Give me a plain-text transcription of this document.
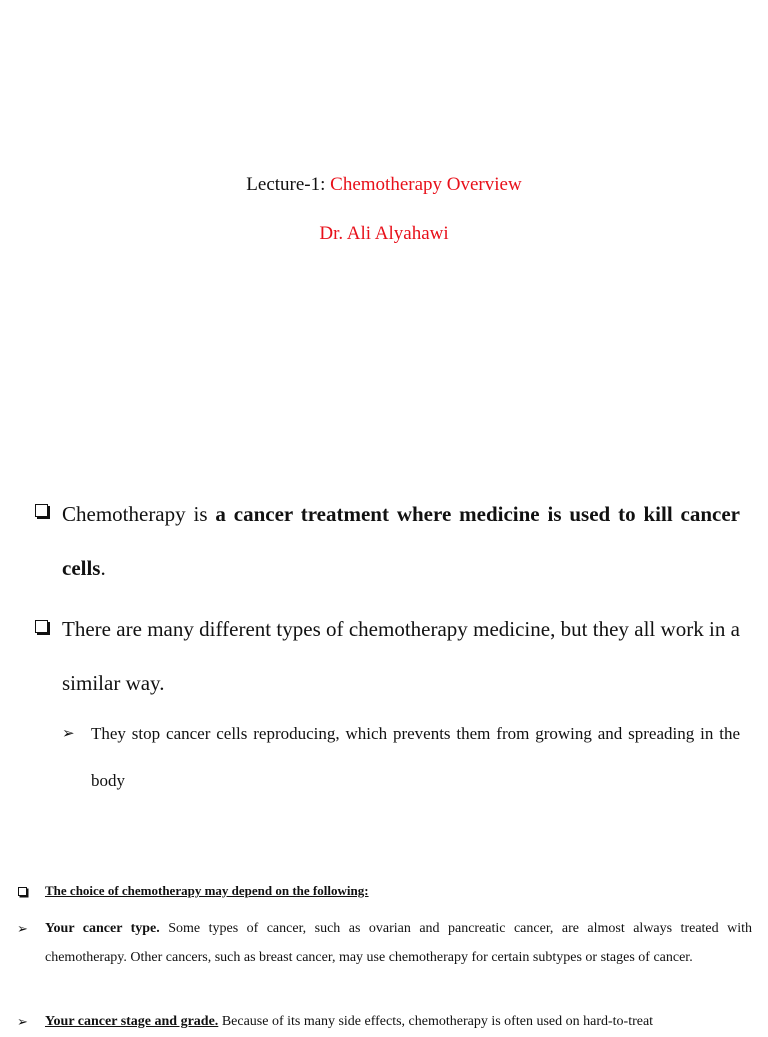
Lecture-1: Chemotherapy Overview
Dr. Ali Alyahawi
Chemotherapy is a cancer treatment where medicine is used to kill cancer cells.
There are many different types of chemotherapy medicine, but they all work in a similar way.
➢ They stop cancer cells reproducing, which prevents them from growing and spreading in the body
The choice of chemotherapy may depend on the following:
➢ Your cancer type. Some types of cancer, such as ovarian and pancreatic cancer, are almost always treated with chemotherapy. Other cancers, such as breast cancer, may use chemotherapy for certain subtypes or stages of cancer.
➢ Your cancer stage and grade. Because of its many side effects, chemotherapy is often used on hard-to-treat
